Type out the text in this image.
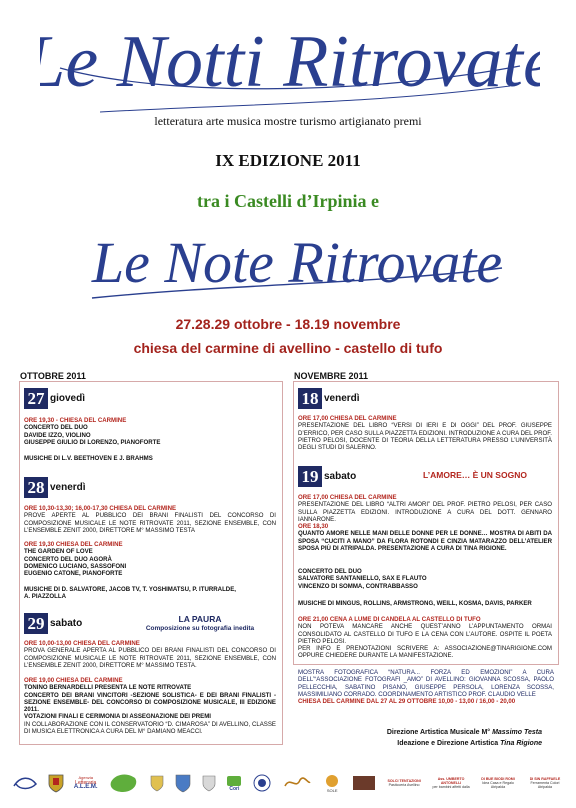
Le Notti Ritrovate
letteratura arte musica mostre turismo artigianato premi
IX EDIZIONE 2011
tra i Castelli d’Irpinia e
Le Note Ritrovate
27.28.29 ottobre - 18.19 novembre
chiesa del carmine di avellino - castello di tufo
OTTOBRE 2011	NOVEMBRE 2011
27 giovedì
ORE 19,30 - CHIESA DEL CARMINE
CONCERTO DEL DUO
DAVIDE IZZO, VIOLINO
GIUSEPPE GIULIO DI LORENZO, PIANOFORTE
MUSICHE DI L.V. BEETHOVEN E J. BRAHMS
28 venerdì
ORE 10,30-13,30; 16,00-17,30 CHIESA DEL CARMINE
PROVE APERTE AL PUBBLICO DEI BRANI FINALISTI DEL CONCORSO DI COMPOSIZIONE MUSICALE LE NOTE RITROVATE 2011, SEZIONE ENSEMBLE, CON L’ENSEMBLE ZENIT 2000, DIRETTORE M° MASSIMO TESTA
ORE 19,30 CHIESA DEL CARMINE
THE GARDEN OF LOVE
CONCERTO DEL DUO AGORÀ
DOMENICO LUCIANO, SASSOFONI
EUGENIO CATONE, PIANOFORTE
MUSICHE DI D. SALVATORE, JACOB TV, T. YOSHIMATSU, P. ITURRALDE,
A. PIAZZOLLA
29 sabato	LA PAURA
Composizione su fotografia inedita
ORE 10,00-13,00 CHIESA DEL CARMINE
PROVA GENERALE APERTA AL PUBBLICO DEI BRANI FINALISTI DEL CONCORSO DI COMPOSIZIONE MUSICALE LE NOTE RITROVATE 2011, SEZIONE ENSEMBLE, CON L’ENSEMBLE ZENIT 2000, DIRETTORE M° MASSIMO TESTA.
ORE 19,00 CHIESA DEL CARMINE
TONINO BERNARDELLI PRESENTA LE NOTE RITROVATE
CONCERTO DEI BRANI VINCITORI -SEZIONE SOLISTICA- E DEI BRANI FINALISTI -SEZIONE ENSEMBLE- DEL CONCORSO DI COMPOSIZIONE MUSICALE, III EDIZIONE 2011.
VOTAZIONI FINALI E CERIMONIA DI ASSEGNAZIONE DEI PREMI
IN COLLABORAZIONE CON IL CONSERVATORIO “D. CIMAROSA” DI AVELLINO, CLASSE DI MUSICA ELETTRONICA A CURA DEL M° DAMIANO MEACCI.
18 venerdì
ORE 17,00 CHIESA DEL CARMINE
PRESENTAZIONE DEL LIBRO “VERSI DI IERI E DI OGGI” DEL PROF. GIUSEPPE D’ERRICO, PER CASO SULLA PIAZZETTA EDIZIONI. INTRODUZIONE A CURA DEL PROF. PIETRO PELOSI, DOCENTE DI TEORIA DELLA LETTERATURA PRESSO L’UNIVERSITÀ DEGLI STUDI DI SALERNO.
19 sabato	L’AMORE… È UN SOGNO
ORE 17,00 CHIESA DEL CARMINE
PRESENTAZIONE DEL LIBRO “ALTRI AMORI” DEL PROF. PIETRO PELOSI, PER CASO SULLA PIAZZETTA EDIZIONI. INTRODUZIONE A CURA DEL DOTT. GENNARO IANNARONE.
ORE 18,30
QUANTO AMORE NELLE MANI DELLE DONNE PER LE DONNE… MOSTRA DI ABITI DA SPOSA “CUCITI A MANO” DA FLORA ROTONDI E CINZIA MATARAZZO DELL’ATELIER SPOSA PIÙ DI ATRIPALDA. PRESENTAZIONE A CURA DI TINA RIGIONE.
CONCERTO DEL DUO
SALVATORE SANTANIELLO, SAX E FLAUTO
VINCENZO DI SOMMA, CONTRABBASSO
MUSICHE DI MINGUS, ROLLINS, ARMSTRONG, WEILL, KOSMA, DAVIS, PARKER
ORE 21,00 CENA A LUME DI CANDELA AL CASTELLO DI TUFO
NON POTEVA MANCARE ANCHE QUEST’ANNO L’APPUNTAMENTO ORMAI CONSOLIDATO AL CASTELLO DI TUFO E LA CENA CON L’AUTORE. OSPITE IL POETA PIETRO PELOSI.
PER INFO E PRENOTAZIONI SCRIVERE A: ASSOCIAZIONE@TINARIGIONE.COM OPPURE CHIEDERE DURANTE LA MANIFESTAZIONE.
MOSTRA FOTOGRAFICA “NATURA... FORZA ED EMOZIONI” A CURA DELL’“ASSOCIAZIONE FOTOGRAFI _AMO” DI AVELLINO: GIOVANNA SCOSSA, PAOLO PELLECCHIA, SABATINO PISANO, GIUSEPPE PERSOLA, LORENZA SCOSSA, MASSIMILIANO CORRADO. COORDINAMENTO ARTISTICO PROF. CLAUDIO VELLE
CHIESA DEL CARMINE DAL 27 AL 29 OTTOBRE 10,00 - 13,00 / 16,00 - 20,00
Direzione Artistica Musicale M° Massimo Testa
Ideazione e Direzione Artistica Tina Rigione
Agenzia
Letteraria
A.L.E.M.	Cori	SOLE
SOLCI TENTAZIONI
Pasticceria Avellino
Ass. UMBERTO ANTONELLI
per bambini affetti dalla
DI BUE BIODI ROMI
Idea Casa e Regalo
Atripalda
DI SIN RAFFAELE
Ferramenta Colori Atripalda
